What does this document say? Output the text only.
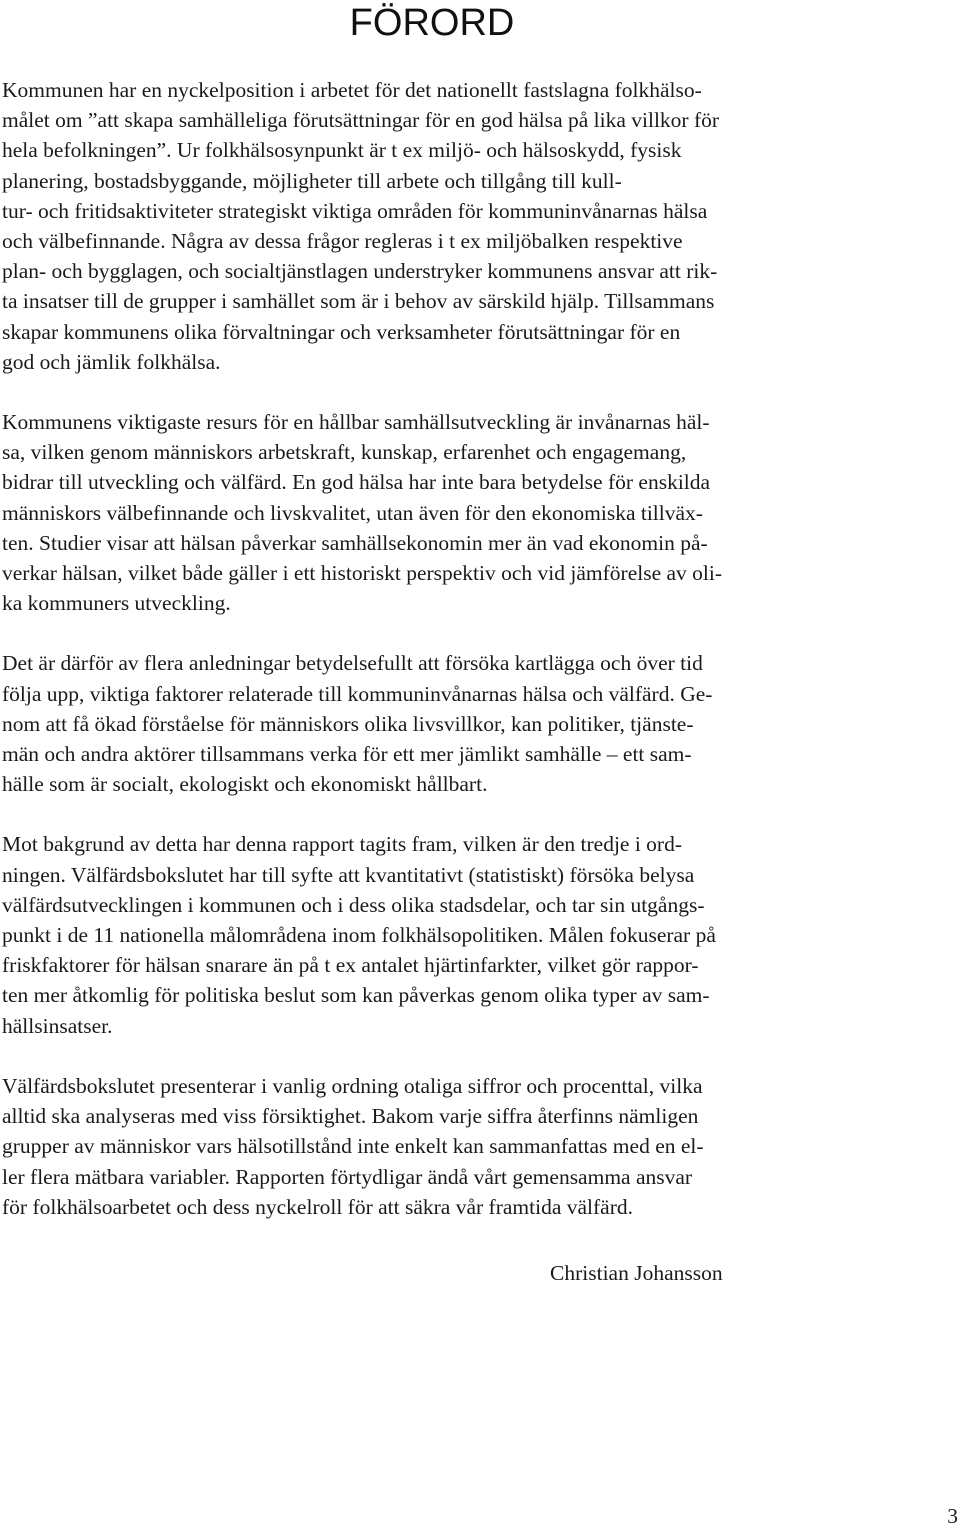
FÖRORD

Kommunen har en nyckelposition i arbetet för det nationellt fastslagna folkhälso-
målet om ”att skapa samhälleliga förutsättningar för en god hälsa på lika villkor för
hela befolkningen”. Ur folkhälsosynpunkt är t ex miljö- och hälsoskydd, fysisk
planering, bostadsbyggande, möjligheter till arbete och tillgång till kull-
tur- och fritidsaktiviteter strategiskt viktiga områden för kommuninvånarnas hälsa
och välbefinnande. Några av dessa frågor regleras i t ex miljöbalken respektive
plan- och bygglagen, och socialtjänstlagen understryker kommunens ansvar att rik-
ta insatser till de grupper i samhället som är i behov av särskild hjälp. Tillsammans
skapar kommunens olika förvaltningar och verksamheter förutsättningar för en
god och jämlik folkhälsa.

Kommunens viktigaste resurs för en hållbar samhällsutveckling är invånarnas häl-
sa, vilken genom människors arbetskraft, kunskap, erfarenhet och engagemang,
bidrar till utveckling och välfärd. En god hälsa har inte bara betydelse för enskilda
människors välbefinnande och livskvalitet, utan även för den ekonomiska tillväx-
ten. Studier visar att hälsan påverkar samhällsekonomin mer än vad ekonomin på-
verkar hälsan, vilket både gäller i ett historiskt perspektiv och vid jämförelse av oli-
ka kommuners utveckling.

Det är därför av flera anledningar betydelsefullt att försöka kartlägga och över tid
följa upp, viktiga faktorer relaterade till kommuninvånarnas hälsa och välfärd. Ge-
nom att få ökad förståelse för människors olika livsvillkor, kan politiker, tjänste-
män och andra aktörer tillsammans verka för ett mer jämlikt samhälle – ett sam-
hälle som är socialt, ekologiskt och ekonomiskt hållbart.

Mot bakgrund av detta har denna rapport tagits fram, vilken är den tredje i ord-
ningen. Välfärdsbokslutet har till syfte att kvantitativt (statistiskt) försöka belysa
välfärdsutvecklingen i kommunen och i dess olika stadsdelar, och tar sin utgångs-
punkt i de 11 nationella målområdena inom folkhälsopolitiken. Målen fokuserar på
friskfaktorer för hälsan snarare än på t ex antalet hjärtinfarkter, vilket gör rappor-
ten mer åtkomlig för politiska beslut som kan påverkas genom olika typer av sam-
hällsinsatser.

Välfärdsbokslutet presenterar i vanlig ordning otaliga siffror och procenttal, vilka
alltid ska analyseras med viss försiktighet. Bakom varje siffra återfinns nämligen
grupper av människor vars hälsotillstånd inte enkelt kan sammanfattas med en el-
ler flera mätbara variabler. Rapporten förtydligar ändå vårt gemensamma ansvar
för folkhälsoarbetet och dess nyckelroll för att säkra vår framtida välfärd.

Christian Johansson
3
